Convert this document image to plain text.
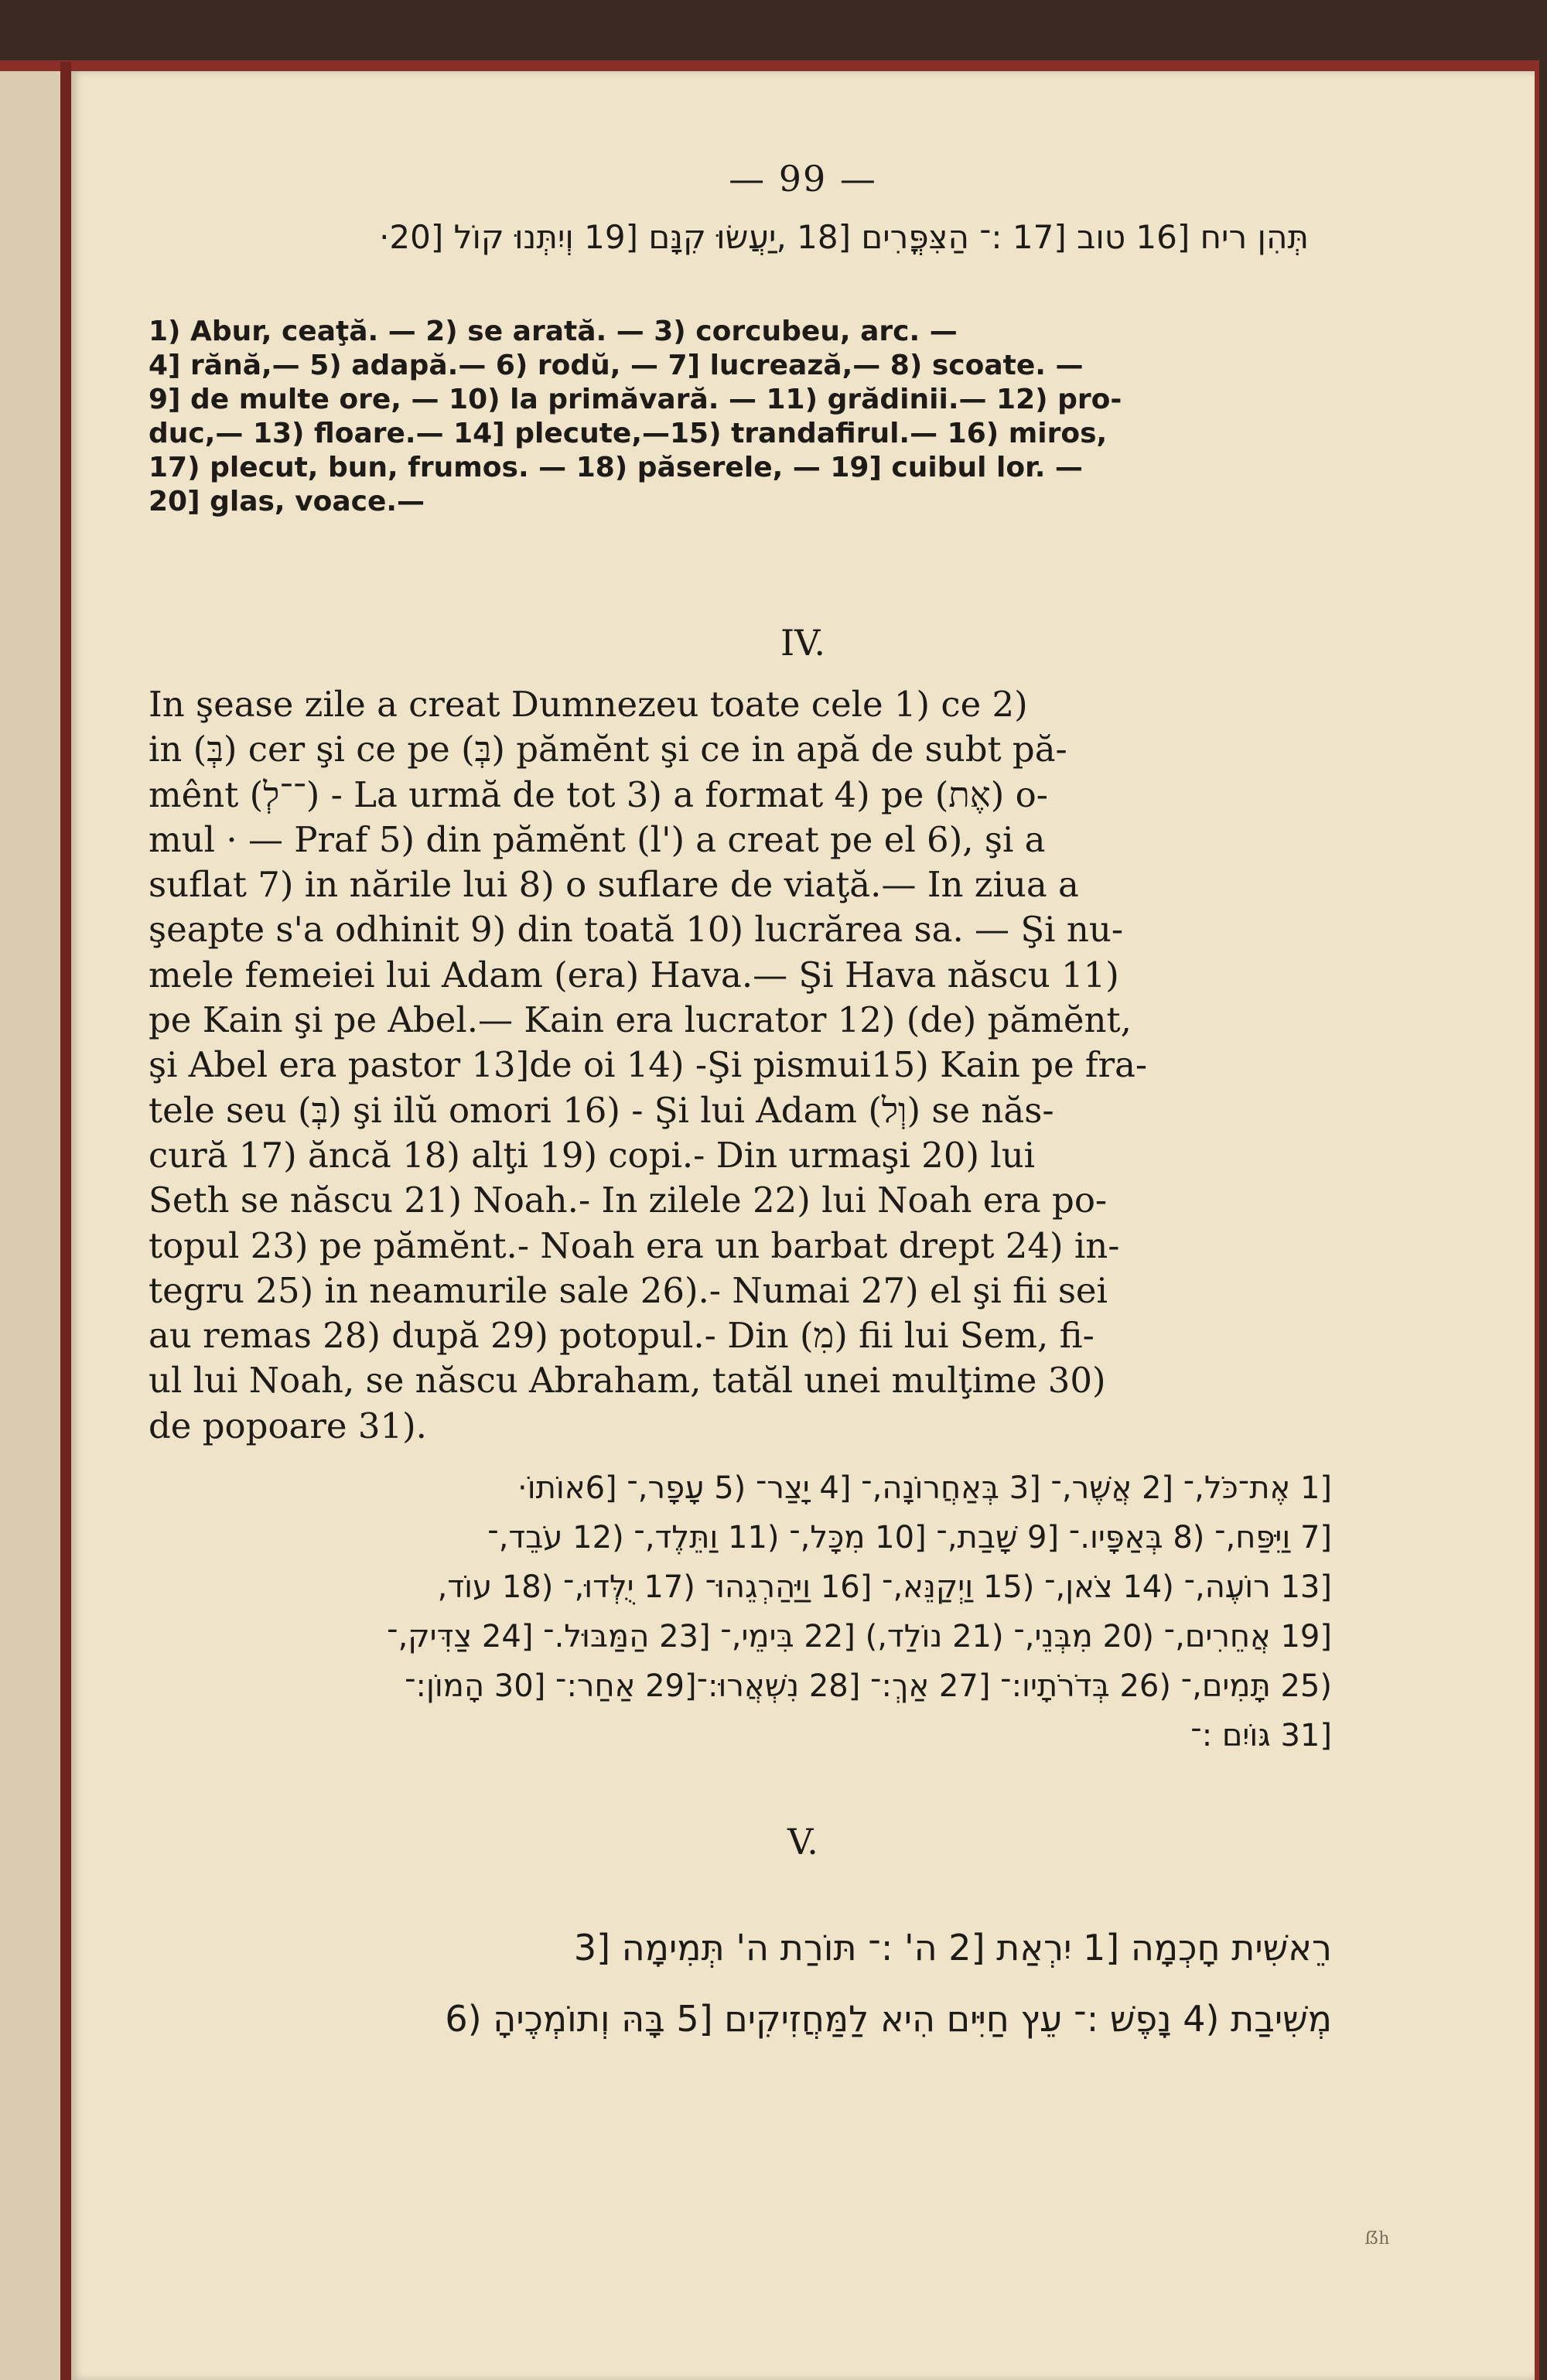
— 99 —
תְּהִן ריח [16 טוב [17 :־ הַצִּפֳּרִים [18 ,יַעֲשׂוּ קִנָּם [19 וְיִתְּנוּ קוֹל [20·
1) Abur, ceaţă. — 2) se arată. — 3) corcubeu, arc. —
4] rănă,— 5) adapă.— 6) rodŭ, — 7] lucrează,— 8) scoate. —
9] de multe ore, — 10) la primăvară. — 11) grădinii.— 12) pro-
duc,— 13) floare.— 14] plecute,—15) trandafirul.— 16) miros,
17) plecut, bun, frumos. — 18) păserele, — 19] cuibul lor. —
20] glas, voace.—
IV.
In şease zile a creat Dumnezeu toate cele 1) ce 2)
in (בְּ) cer şi ce pe (בְּ) pămĕnt şi ce in apă de subt pă-
mênt (־־לְ) - La urmă de tot 3) a format 4) pe (אֶת) o-
mul · — Praf 5) din pămĕnt (l') a creat pe el 6), şi a
suflat 7) in nările lui 8) o suflare de viaţă.— In ziua a
şeapte s'a odhinit 9) din toată 10) lucrărea sa. — Şi nu-
mele femeiei lui Adam (era) Hava.— Şi Hava născu 11)
pe Kain şi pe Abel.— Kain era lucrator 12) (de) pămĕnt,
şi Abel era pastor 13]de oi 14) -Şi pismui15) Kain pe fra-
tele seu (בְּ) şi ilŭ omori 16) - Şi lui Adam (וְל) se năs-
cură 17) ăncă 18) alţi 19) copi.- Din urmaşi 20) lui
Seth se născu 21) Noah.- In zilele 22) lui Noah era po-
topul 23) pe pămĕnt.- Noah era un barbat drept 24) in-
tegru 25) in neamurile sale 26).- Numai 27) el şi fii sei
au remas 28) după 29) potopul.- Din (מִ) fii lui Sem, fi-
ul lui Noah, se născu Abraham, tatăl unei mulţime 30)
de popoare 31).
[1 אֶת־כֹּל,־ [2 אֲשֶׁר,־ [3 בְּאַחֲרוֹנָה,־ [4 יָצַר־ (5 עָפָר,־ [6אוֹתוֹ·
[7 וַיִּפַּח,־ (8 בְּאַפָּיו.־ [9 שָׁבַת,־ [10 מִכָּל,־ (11 וַתֵּלֶד,־ (12 עֹבֵד,־
[13 רוֹעֶה,־ (14 צֹאן,־ (15 וַיְקַנֵּא,־ [16 וַיַּהַרְגֵהוּ־ (17 יֻלְּדוּ,־ (18 עוֹד,
[19 אֲחֵרִים,־ (20 מִבְּנֵי,־ (21 נוֹלַד,) [22 בִּימֵי,־ [23 הַמַּבּוּל.־ [24 צַדִּיק,־
(25 תָּמִים,־ (26 בְּדֹרֹתָיו:־ [27 אַךְ:־ [28 נִשְׁאֲרוּ:־[29 אַחַר:־ [30 הָמוֹן:־
[31 גּוֹיִם :־
V.
רֵאשִׁית חָכְמָה [1 יִרְאַת [2 ה' :־ תּוֹרַת ה' תְּמִימָה [3
מְשִׁיבַת (4 נָפֶשׁ :־ עֵץ חַיִּים הִיא לַמַּחֲזִיקִים [5 בָּהּ וְתוֹמְכֶיהָ (6
ẞh
